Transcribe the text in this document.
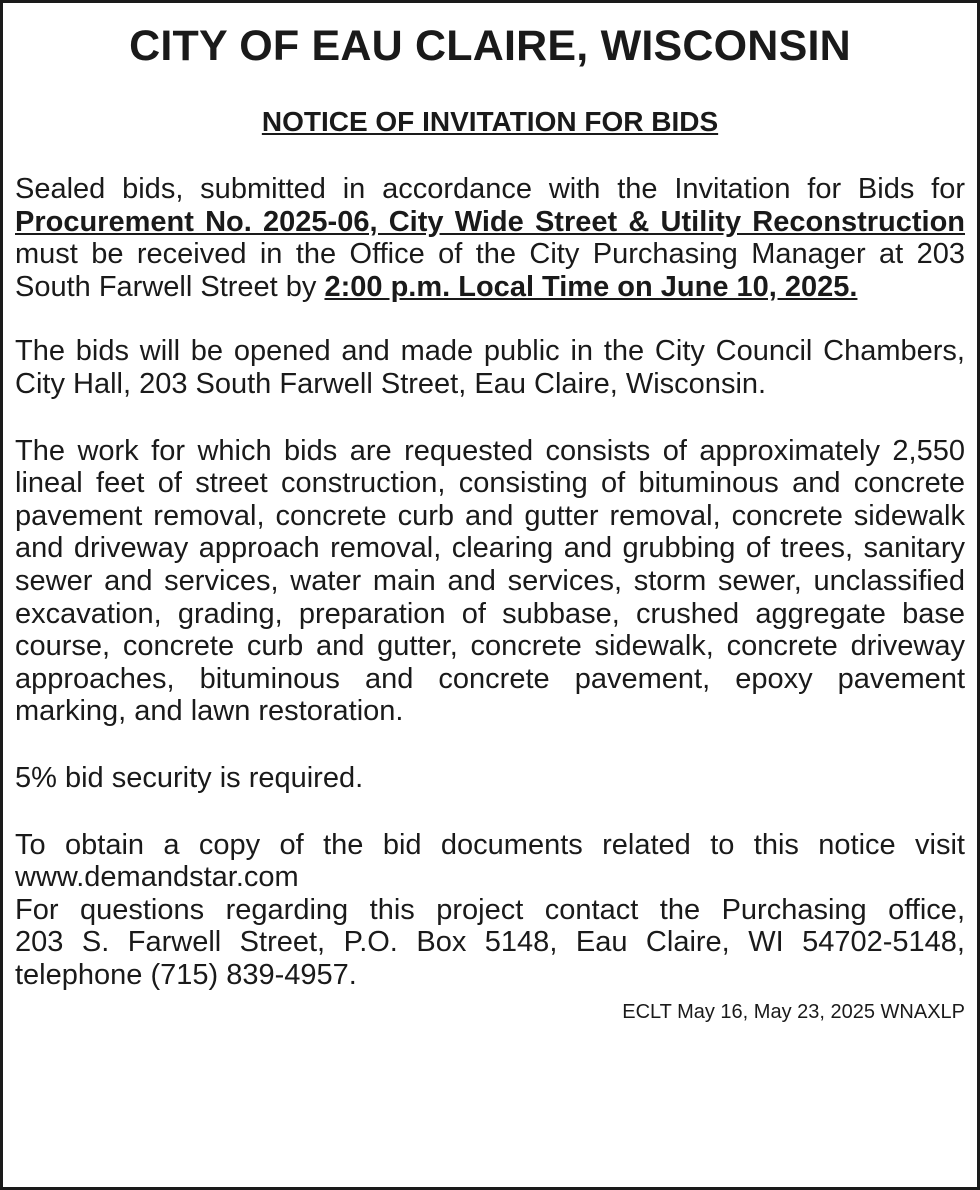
CITY OF EAU CLAIRE, WISCONSIN
NOTICE OF INVITATION FOR BIDS

Sealed bids, submitted in accordance with the Invitation for Bids for Procurement No. 2025-06, City Wide Street & Utility Reconstruction must be received in the Office of the City Purchasing Manager at 203 South Farwell Street by 2:00 p.m. Local Time on June 10, 2025.

The bids will be opened and made public in the City Council Chambers, City Hall, 203 South Farwell Street, Eau Claire, Wisconsin.

The work for which bids are requested consists of approximately 2,550 lineal feet of street construction, consisting of bituminous and concrete pavement removal, concrete curb and gutter removal, concrete sidewalk and driveway approach removal, clearing and grubbing of trees, sanitary sewer and services, water main and services, storm sewer, unclassified excavation, grading, preparation of subbase, crushed aggregate base course, concrete curb and gutter, concrete sidewalk, concrete driveway approaches, bituminous and concrete pavement, epoxy pavement marking, and lawn restoration.

5% bid security is required.

To obtain a copy of the bid documents related to this notice visit
www.demandstar.com
For questions regarding this project contact the Purchasing office,
203 S. Farwell Street, P.O. Box 5148, Eau Claire, WI 54702-5148,
telephone (715) 839-4957.

ECLT May 16, May 23, 2025 WNAXLP
